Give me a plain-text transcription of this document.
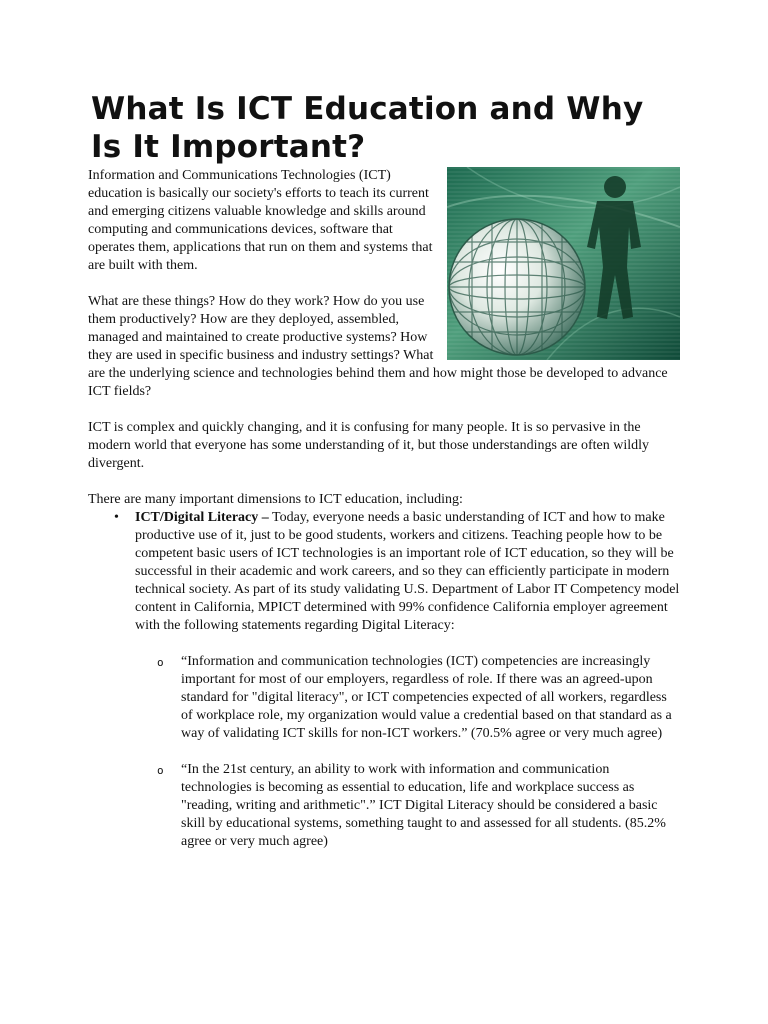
What Is ICT Education and Why Is It Important?

Information and Communications Technologies (ICT) education is basically our society's efforts to teach its current and emerging citizens valuable knowledge and skills around computing and communications devices, software that operates them, applications that run on them and systems that are built with them.

What are these things? How do they work? How do you use them productively? How are they deployed, assembled, managed and maintained to create productive systems? How they are used in specific business and industry settings? What are the underlying science and technologies behind them and how might those be developed to advance ICT fields?

ICT is complex and quickly changing, and it is confusing for many people. It is so pervasive in the modern world that everyone has some understanding of it, but those understandings are often wildly divergent.

There are many important dimensions to ICT education, including:

• ICT/Digital Literacy – Today, everyone needs a basic understanding of ICT and how to make productive use of it, just to be good students, workers and citizens. Teaching people how to be competent basic users of ICT technologies is an important role of ICT education, so they will be successful in their academic and work careers, and so they can efficiently participate in modern technical society. As part of its study validating U.S. Department of Labor IT Competency model content in California, MPICT determined with 99% confidence California employer agreement with the following statements regarding Digital Literacy:
o “Information and communication technologies (ICT) competencies are increasingly important for most of our employers, regardless of role. If there was an agreed-upon standard for "digital literacy", or ICT competencies expected of all workers, regardless of workplace role, my organization would value a credential based on that standard as a way of validating ICT skills for non-ICT workers.” (70.5% agree or very much agree)
o “In the 21st century, an ability to work with information and communication technologies is becoming as essential to education, life and workplace success as "reading, writing and arithmetic".” ICT Digital Literacy should be considered a basic skill by educational systems, something taught to and assessed for all students. (85.2% agree or very much agree)
